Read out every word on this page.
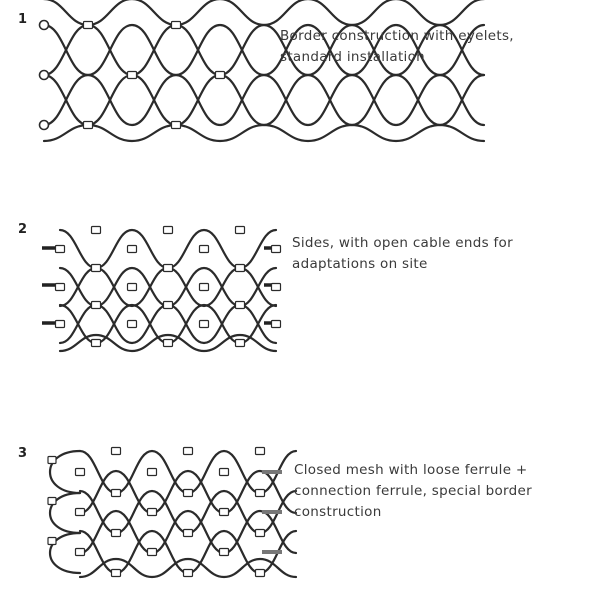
1
Border construction with eyelets,
standard installation
2
Sides, with open cable ends for
adaptations on site
3
Closed mesh with loose ferrule +
connection ferrule, special border
construction
